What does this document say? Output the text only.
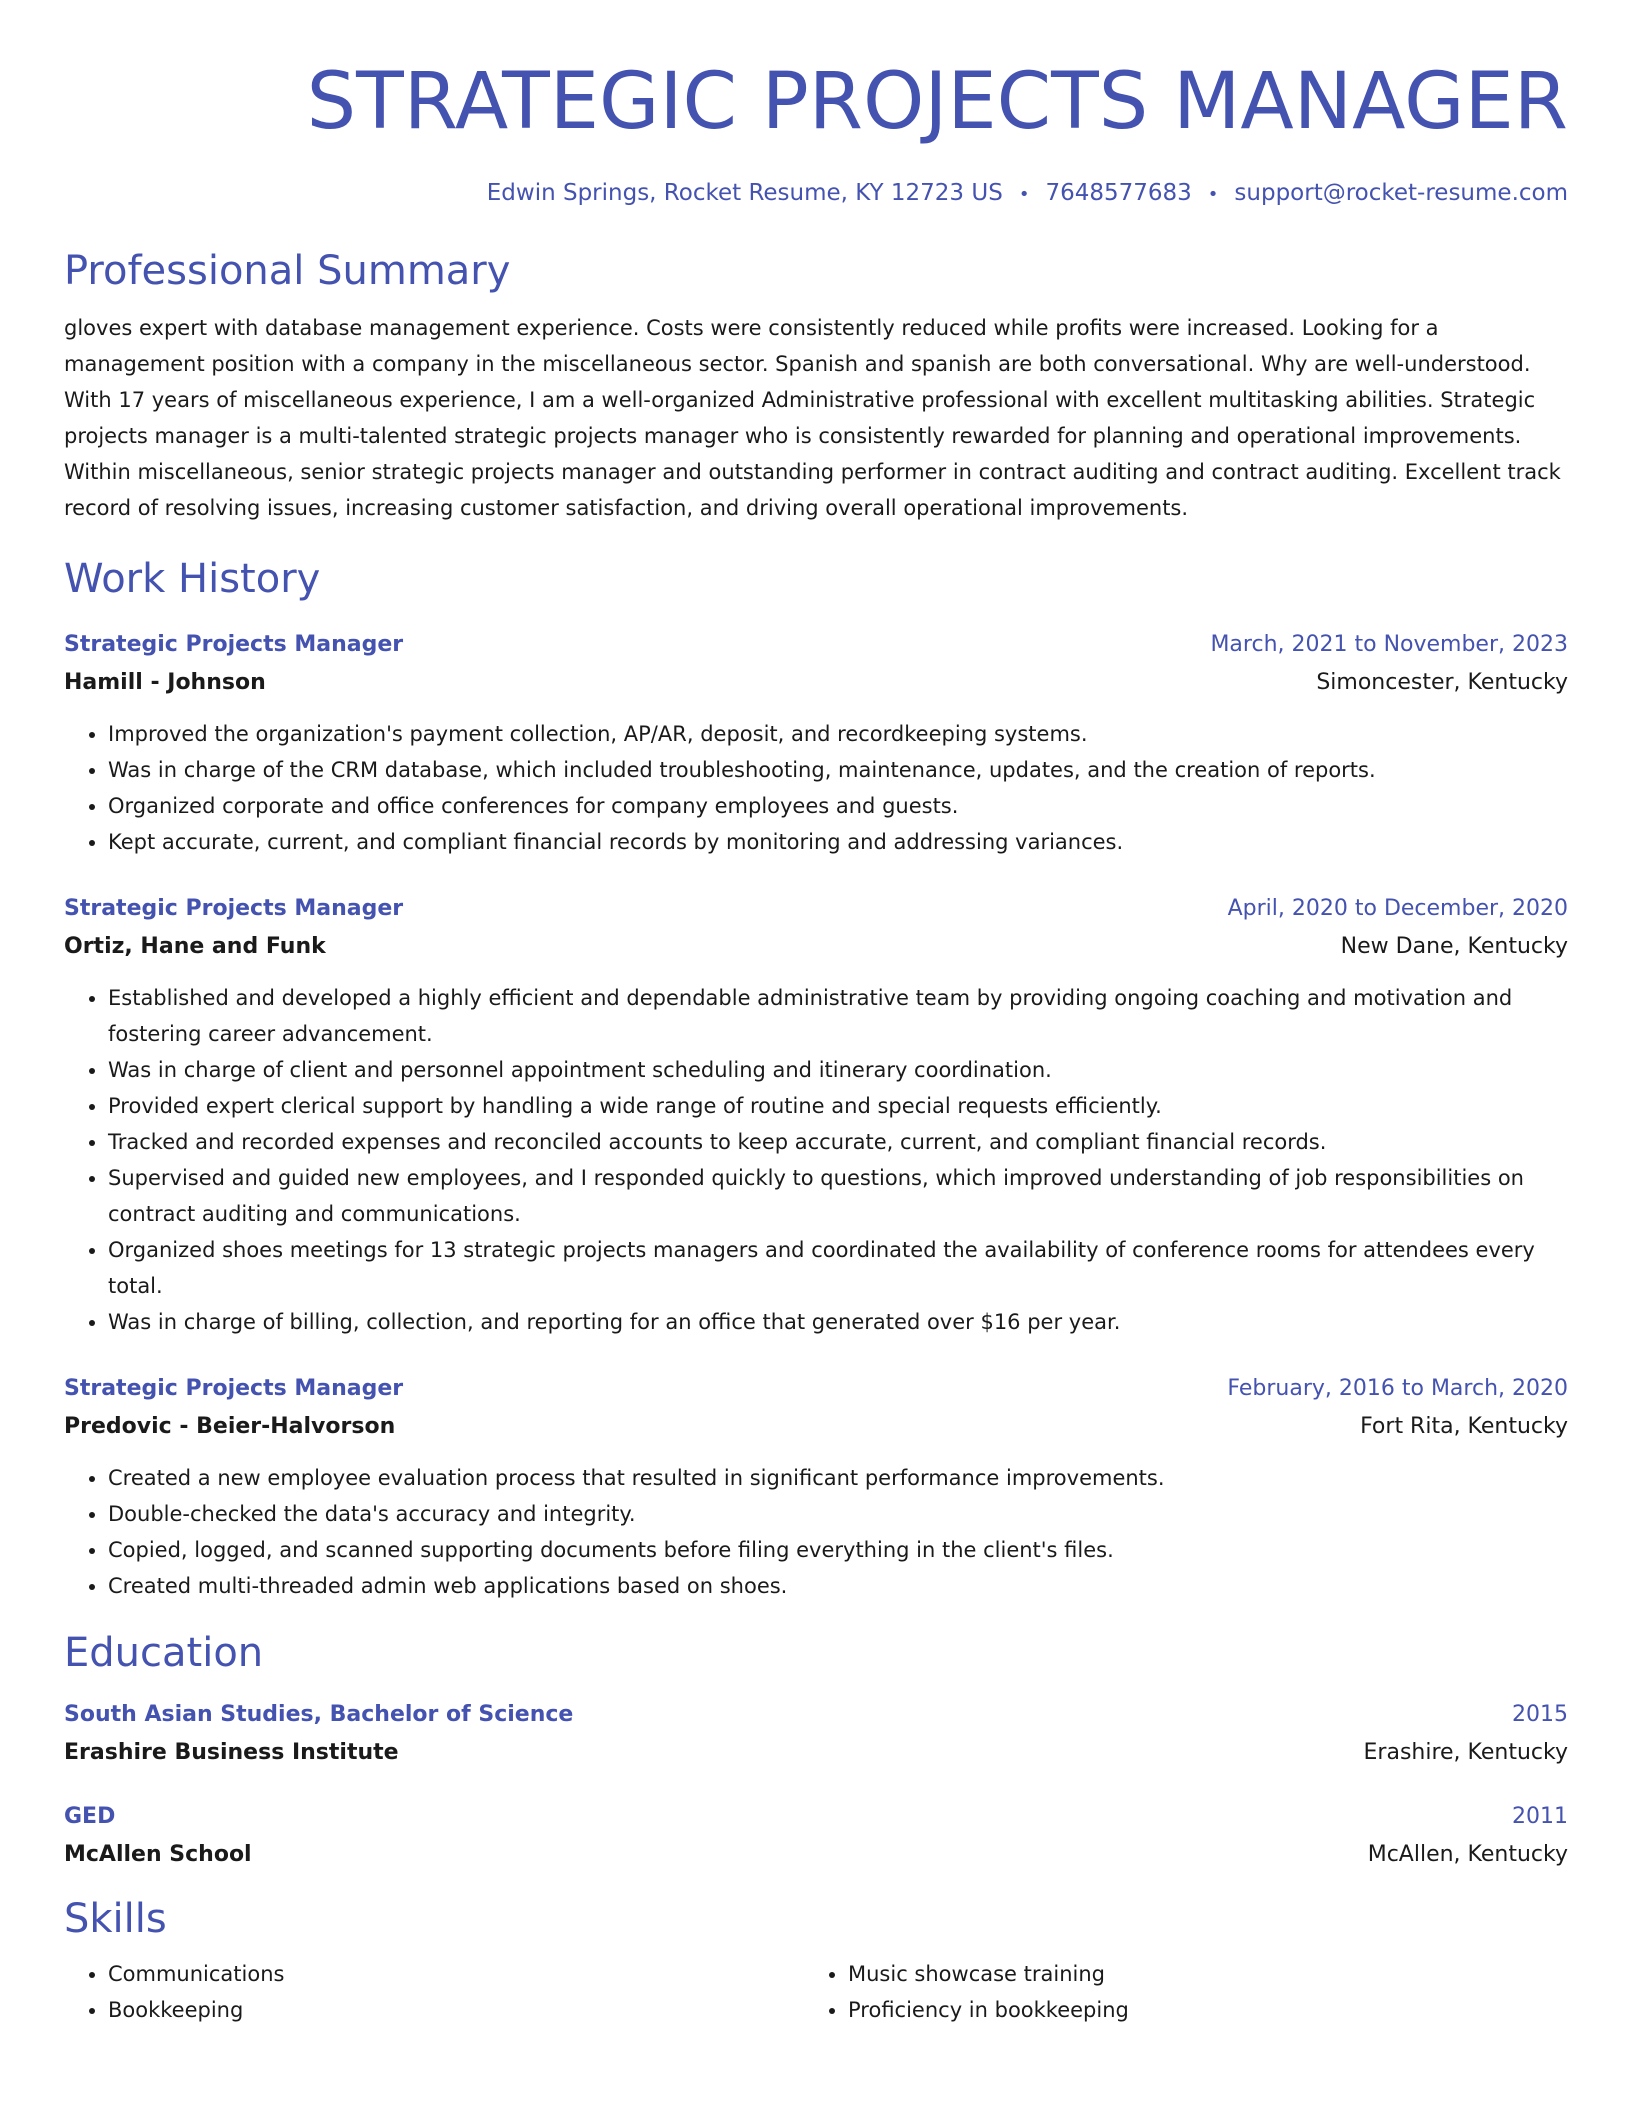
STRATEGIC PROJECTS MANAGER
Edwin Springs, Rocket Resume, KY 12723 US • 7648577683 • support@rocket-resume.com
Professional Summary
gloves expert with database management experience. Costs were consistently reduced while profits were increased. Looking for a management position with a company in the miscellaneous sector. Spanish and spanish are both conversational. Why are well-understood. With 17 years of miscellaneous experience, I am a well-organized Administrative professional with excellent multitasking abilities. Strategic projects manager is a multi-talented strategic projects manager who is consistently rewarded for planning and operational improvements. Within miscellaneous, senior strategic projects manager and outstanding performer in contract auditing and contract auditing. Excellent track record of resolving issues, increasing customer satisfaction, and driving overall operational improvements.
Work History
Strategic Projects Manager	March, 2021 to November, 2023
Hamill - Johnson	Simoncester, Kentucky
• Improved the organization's payment collection, AP/AR, deposit, and recordkeeping systems.
• Was in charge of the CRM database, which included troubleshooting, maintenance, updates, and the creation of reports.
• Organized corporate and office conferences for company employees and guests.
• Kept accurate, current, and compliant financial records by monitoring and addressing variances.
Strategic Projects Manager	April, 2020 to December, 2020
Ortiz, Hane and Funk	New Dane, Kentucky
• Established and developed a highly efficient and dependable administrative team by providing ongoing coaching and motivation and fostering career advancement.
• Was in charge of client and personnel appointment scheduling and itinerary coordination.
• Provided expert clerical support by handling a wide range of routine and special requests efficiently.
• Tracked and recorded expenses and reconciled accounts to keep accurate, current, and compliant financial records.
• Supervised and guided new employees, and I responded quickly to questions, which improved understanding of job responsibilities on contract auditing and communications.
• Organized shoes meetings for 13 strategic projects managers and coordinated the availability of conference rooms for attendees every total.
• Was in charge of billing, collection, and reporting for an office that generated over $16 per year.
Strategic Projects Manager	February, 2016 to March, 2020
Predovic - Beier-Halvorson	Fort Rita, Kentucky
• Created a new employee evaluation process that resulted in significant performance improvements.
• Double-checked the data's accuracy and integrity.
• Copied, logged, and scanned supporting documents before filing everything in the client's files.
• Created multi-threaded admin web applications based on shoes.
Education
South Asian Studies, Bachelor of Science	2015
Erashire Business Institute	Erashire, Kentucky
GED	2011
McAllen School	McAllen, Kentucky
Skills
• Communications
• Bookkeeping
• Music showcase training
• Proficiency in bookkeeping
